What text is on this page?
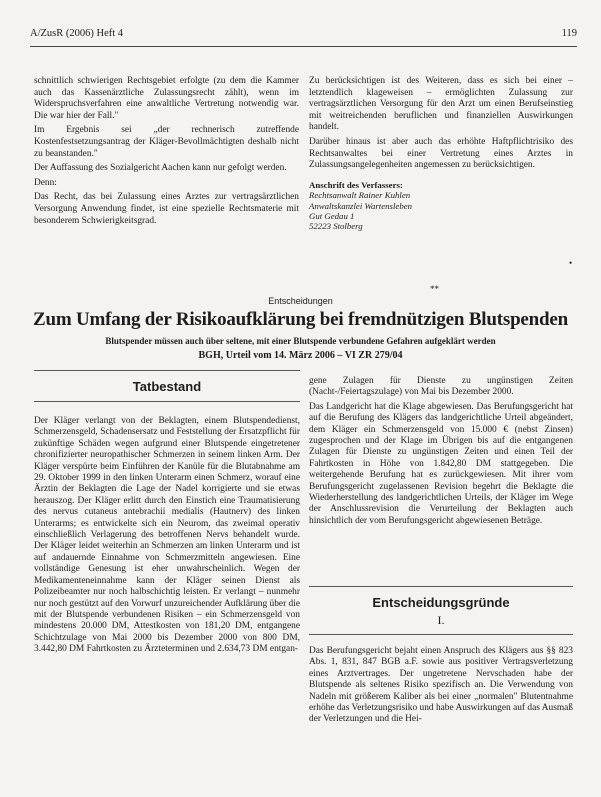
A/ZusR (2006) Heft 4	119

schnittlich schwierigen Rechtsgebiet erfolgte (zu dem die Kammer auch das Kassenärztliche Zulassungsrecht zählt), wenn im Widerspruchsverfahren eine anwaltliche Vertretung notwendig war. Die war hier der Fall."

Im Ergebnis sei „der rechnerisch zutreffende Kostenfestsetzungsantrag der Kläger-Bevollmächtigten deshalb nicht zu beanstanden."

Der Auffassung des Sozialgericht Aachen kann nur gefolgt werden.

Denn:

Das Recht, das bei Zulassung eines Arztes zur vertragsärztlichen Versorgung Anwendung findet, ist eine spezielle Rechtsmaterie mit besonderem Schwierigkeitsgrad.

Zu berücksichtigen ist des Weiteren, dass es sich bei einer – letztendlich klageweisen – ermöglichten Zulassung zur vertragsärztlichen Versorgung für den Arzt um einen Berufseinstieg mit weitreichenden beruflichen und finanziellen Auswirkungen handelt.

Darüber hinaus ist aber auch das erhöhte Haftpflichtrisiko des Rechtsanwaltes bei einer Vertretung eines Arztes in Zulassungsangelegenheiten angemessen zu berücksichtigen.

Anschrift des Verfassers:
Rechtsanwalt Rainer Kuhlen
Anwaltskanzlei Wartensleben
Gut Gedau 1
52223 Stolberg
•
**
Entscheidungen
Zum Umfang der Risikoaufklärung bei fremdnützigen Blutspenden
Blutspender müssen auch über seltene, mit einer Blutspende verbundene Gefahren aufgeklärt werden
BGH, Urteil vom 14. März 2006 – VI ZR 279/04
Tatbestand

Der Kläger verlangt von der Beklagten, einem Blutspendedienst, Schmerzensgeld, Schadensersatz und Feststellung der Ersatzpflicht für zukünftige Schäden wegen aufgrund einer Blutspende eingetretener chronifizierter neuropathischer Schmerzen in seinem linken Arm. Der Kläger verspürte beim Einführen der Kanüle für die Blutabnahme am 29. Oktober 1999 in den linken Unterarm einen Schmerz, worauf eine Ärztin der Beklagten die Lage der Nadel korrigierte und sie etwas herauszog. Der Kläger erlitt durch den Einstich eine Traumatisierung des nervus cutaneus antebrachii medialis (Hautnerv) des linken Unterarms; es entwickelte sich ein Neurom, das zweimal operativ einschließlich Verlagerung des betroffenen Nervs behandelt wurde. Der Kläger leidet weiterhin an Schmerzen am linken Unterarm und ist auf andauernde Einnahme von Schmerzmitteln angewiesen. Eine vollständige Genesung ist eher unwahrscheinlich. Wegen der Medikamenteneinnahme kann der Kläger seinen Dienst als Polizeibeamter nur noch halbschichtig leisten. Er verlangt – nunmehr nur noch gestützt auf den Vorwurf unzureichender Aufklärung über die mit der Blutspende verbundenen Risiken – ein Schmerzensgeld von mindestens 20.000 DM, Attestkosten von 181,20 DM, entgangene Schichtzulage von Mai 2000 bis Dezember 2000 von 800 DM, 3.442,80 DM Fahrtkosten zu Ärzteterminen und 2.634,73 DM entgan-

gene Zulagen für Dienste zu ungünstigen Zeiten (Nacht-/Feiertagszulage) von Mai bis Dezember 2000.

Das Landgericht hat die Klage abgewiesen. Das Berufungsgericht hat auf die Berufung des Klägers das landgerichtliche Urteil abgeändert, dem Kläger ein Schmerzensgeld von 15.000 € (nebst Zinsen) zugesprochen und der Klage im Übrigen bis auf die entgangenen Zulagen für Dienste zu ungünstigen Zeiten und einen Teil der Fahrtkosten in Höhe von 1.842,80 DM stattgegeben. Die weitergehende Berufung hat es zurückgewiesen. Mit ihrer vom Berufungsgericht zugelassenen Revision begehrt die Beklagte die Wiederherstellung des landgerichtlichen Urteils, der Kläger im Wege der Anschlussrevision die Verurteilung der Beklagten auch hinsichtlich der vom Berufungsgericht abgewiesenen Beträge.

Entscheidungsgründe
I.

Das Berufungsgericht bejaht einen Anspruch des Klägers aus §§ 823 Abs. 1, 831, 847 BGB a.F. sowie aus positiver Vertragsverletzung eines Arztvertrages. Der ungetretene Nervschaden habe der Blutspende als seltenes Risiko spezifisch an. Die Verwendung von Nadeln mit größerem Kaliber als bei einer „normalen" Blutentnahme erhöhe das Verletzungsrisiko und habe Auswirkungen auf das Ausmaß der Verletzungen und die Hei-
